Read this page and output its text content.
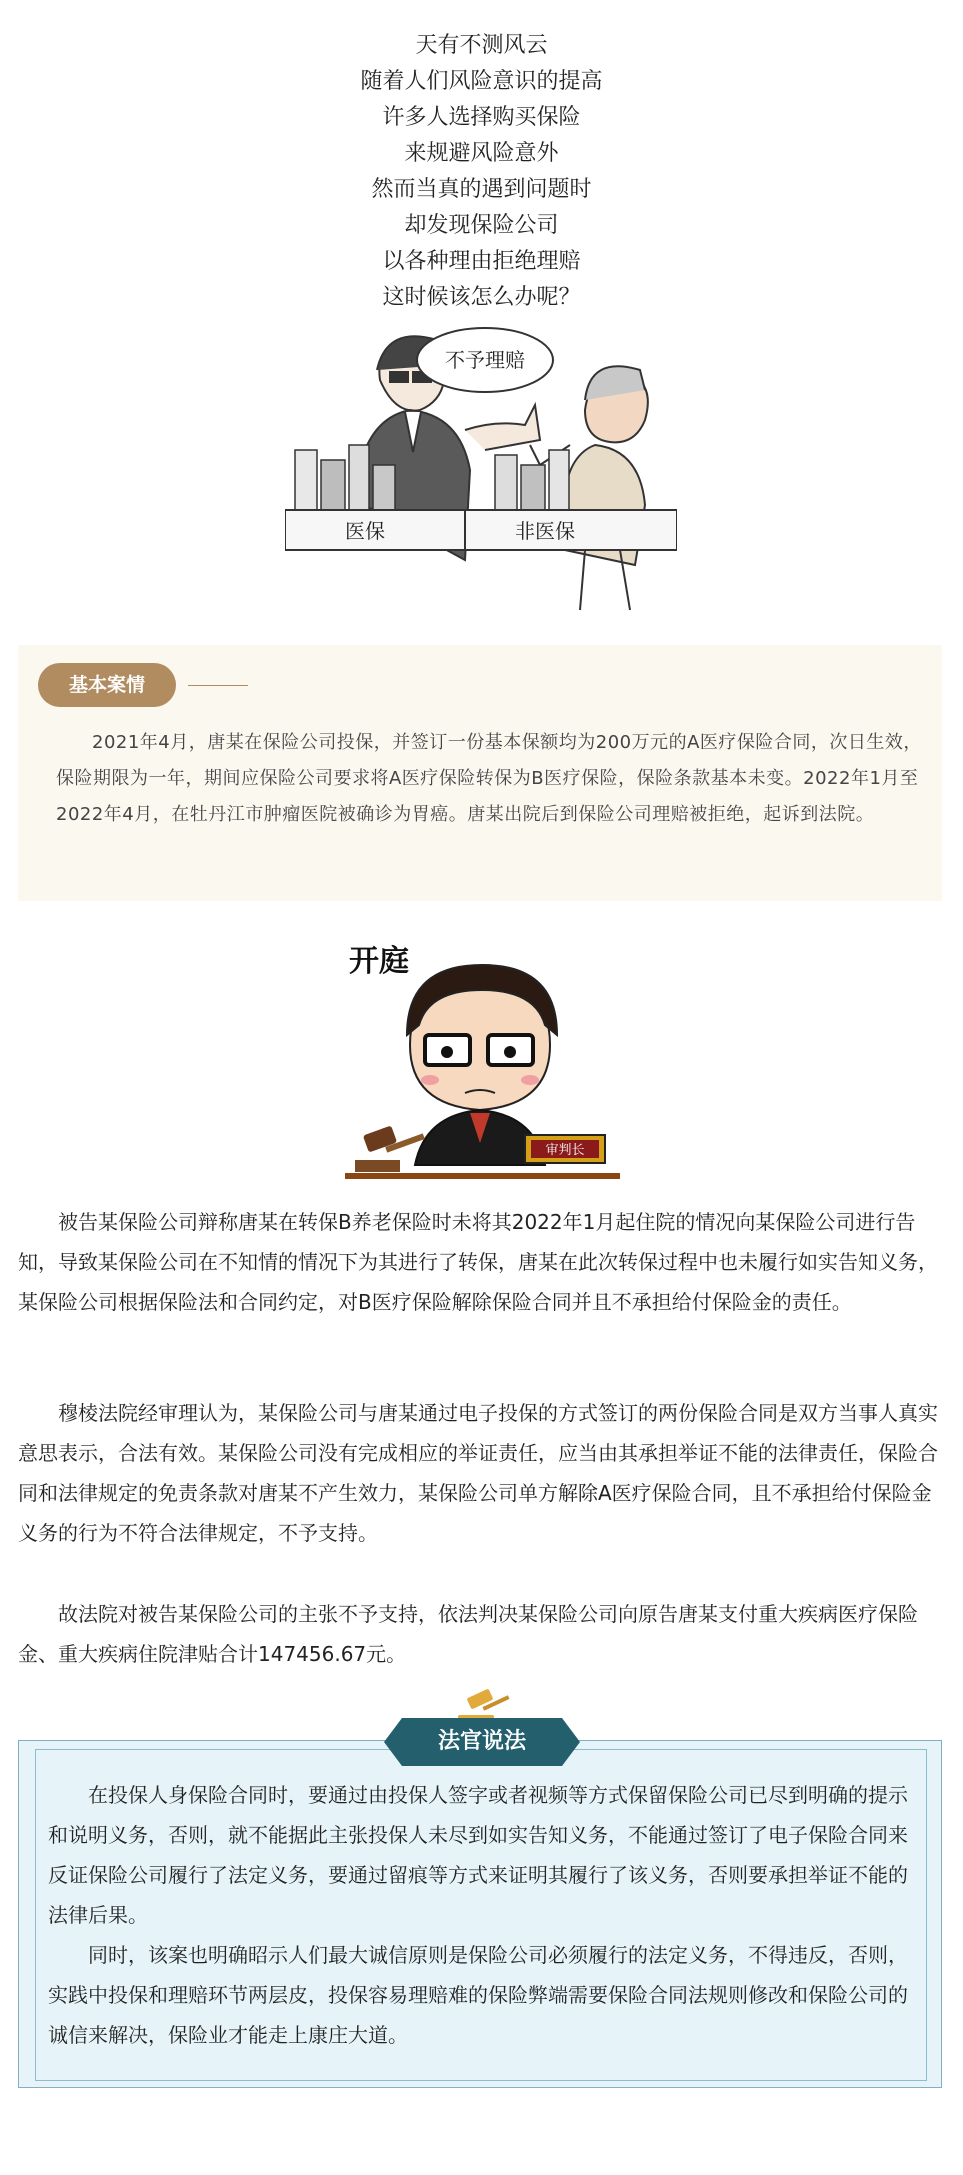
天有不测风云
随着人们风险意识的提高
许多人选择购买保险
来规避风险意外
然而当真的遇到问题时
却发现保险公司
以各种理由拒绝理赔
这时候该怎么办呢？
不予理赔
医保	非医保
基本案情
2021年4月，唐某在保险公司投保，并签订一份基本保额均为200万元的A医疗保险合同，次日生效，保险期限为一年，期间应保险公司要求将A医疗保险转保为B医疗保险，保险条款基本未变。2022年1月至2022年4月，在牡丹江市肿瘤医院被确诊为胃癌。唐某出院后到保险公司理赔被拒绝，起诉到法院。
开庭
审判长

被告某保险公司辩称唐某在转保B养老保险时未将其2022年1月起住院的情况向某保险公司进行告知，导致某保险公司在不知情的情况下为其进行了转保，唐某在此次转保过程中也未履行如实告知义务，某保险公司根据保险法和合同约定，对B医疗保险解除保险合同并且不承担给付保险金的责任。

穆棱法院经审理认为，某保险公司与唐某通过电子投保的方式签订的两份保险合同是双方当事人真实意思表示，合法有效。某保险公司没有完成相应的举证责任，应当由其承担举证不能的法律责任，保险合同和法律规定的免责条款对唐某不产生效力，某保险公司单方解除A医疗保险合同，且不承担给付保险金义务的行为不符合法律规定，不予支持。

故法院对被告某保险公司的主张不予支持，依法判决某保险公司向原告唐某支付重大疾病医疗保险金、重大疾病住院津贴合计147456.67元。

法官说法

在投保人身保险合同时，要通过由投保人签字或者视频等方式保留保险公司已尽到明确的提示和说明义务，否则，就不能据此主张投保人未尽到如实告知义务，不能通过签订了电子保险合同来反证保险公司履行了法定义务，要通过留痕等方式来证明其履行了该义务，否则要承担举证不能的法律后果。

同时，该案也明确昭示人们最大诚信原则是保险公司必须履行的法定义务，不得违反，否则，实践中投保和理赔环节两层皮，投保容易理赔难的保险弊端需要保险合同法规则修改和保险公司的诚信来解决，保险业才能走上康庄大道。
